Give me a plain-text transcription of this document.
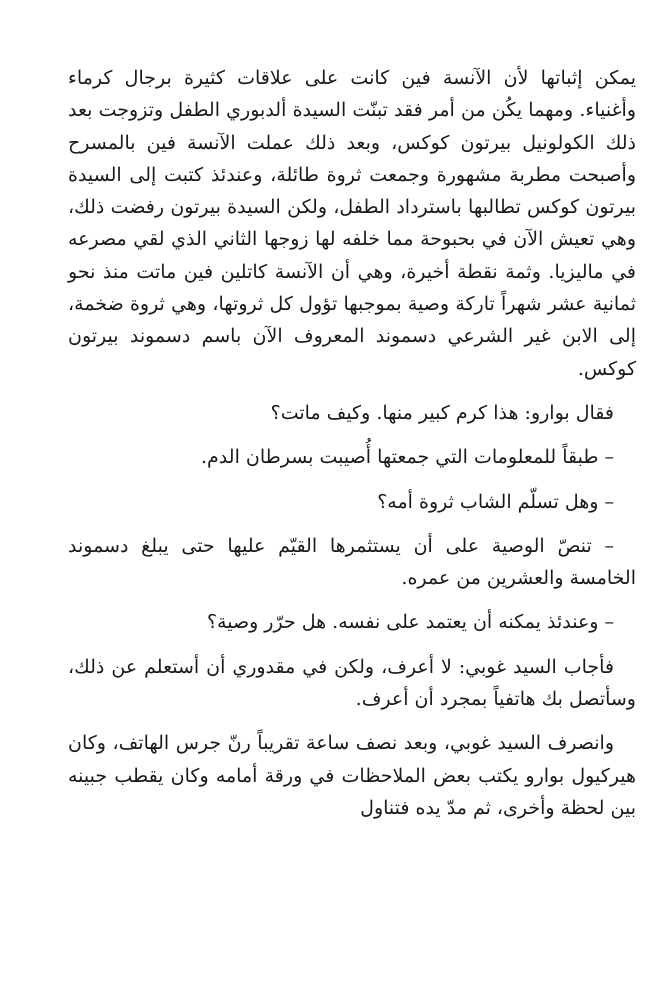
يمكن إثباتها لأن الآنسة فين كانت على علاقات كثيرة برجال كرماء وأغنياء. ومهما يكُن من أمر فقد تبنّت السيدة ألدبوري الطفل وتزوجت بعد ذلك الكولونيل بيرتون كوكس، وبعد ذلك عملت الآنسة فين بالمسرح وأصبحت مطربة مشهورة وجمعت ثروة طائلة، وعندئذ كتبت إلى السيدة بيرتون كوكس تطالبها باسترداد الطفل، ولكن السيدة بيرتون رفضت ذلك، وهي تعيش الآن في بحبوحة مما خلفه لها زوجها الثاني الذي لقي مصرعه في ماليزيا. وثمة نقطة أخيرة، وهي أن الآنسة كاتلين فين ماتت منذ نحو ثمانية عشر شهراً تاركة وصية بموجبها تؤول كل ثروتها، وهي ثروة ضخمة، إلى الابن غير الشرعي دسموند المعروف الآن باسم دسموند بيرتون كوكس.

فقال بوارو: هذا كرم كبير منها. وكيف ماتت؟

– طبقاً للمعلومات التي جمعتها أُصيبت بسرطان الدم.

– وهل تسلّم الشاب ثروة أمه؟

– تنصّ الوصية على أن يستثمرها القيّم عليها حتى يبلغ دسموند الخامسة والعشرين من عمره.

– وعندئذ يمكنه أن يعتمد على نفسه. هل حرّر وصية؟

فأجاب السيد غوبي: لا أعرف، ولكن في مقدوري أن أستعلم عن ذلك، وسأتصل بك هاتفياً بمجرد أن أعرف.

وانصرف السيد غوبي، وبعد نصف ساعة تقريباً رنّ جرس الهاتف، وكان هيركيول بوارو يكتب بعض الملاحظات في ورقة أمامه وكان يقطب جبينه بين لحظة وأخرى، ثم مدّ يده فتناول
